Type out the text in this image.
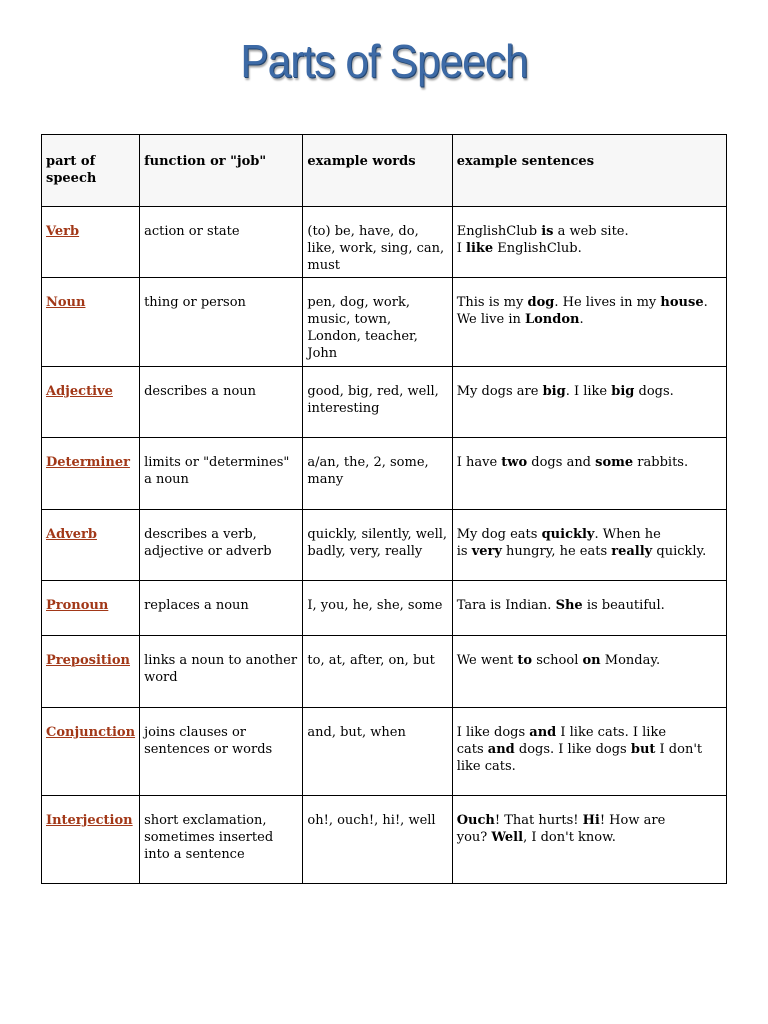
Parts of Speech
part of speech	function or "job"	example words	example sentences
Verb	action or state	(to) be, have, do, like, work, sing, can, must	EnglishClub is a web site.
I like EnglishClub.
Noun	thing or person	pen, dog, work, music, town, London, teacher, John	This is my dog. He lives in my house. We live in London.
Adjective	describes a noun	good, big, red, well, interesting	My dogs are big. I like big dogs.
Determiner	limits or "determines" a noun	a/an, the, 2, some, many	I have two dogs and some rabbits.
Adverb	describes a verb, adjective or adverb	quickly, silently, well, badly, very, really	My dog eats quickly. When he
is very hungry, he eats really quickly.
Pronoun	replaces a noun	I, you, he, she, some	Tara is Indian. She is beautiful.
Preposition	links a noun to another word	to, at, after, on, but	We went to school on Monday.
Conjunction	joins clauses or sentences or words	and, but, when	I like dogs and I like cats. I like
cats and dogs. I like dogs but I don't like cats.
Interjection	short exclamation, sometimes inserted into a sentence	oh!, ouch!, hi!, well	Ouch! That hurts! Hi! How are
you? Well, I don't know.
